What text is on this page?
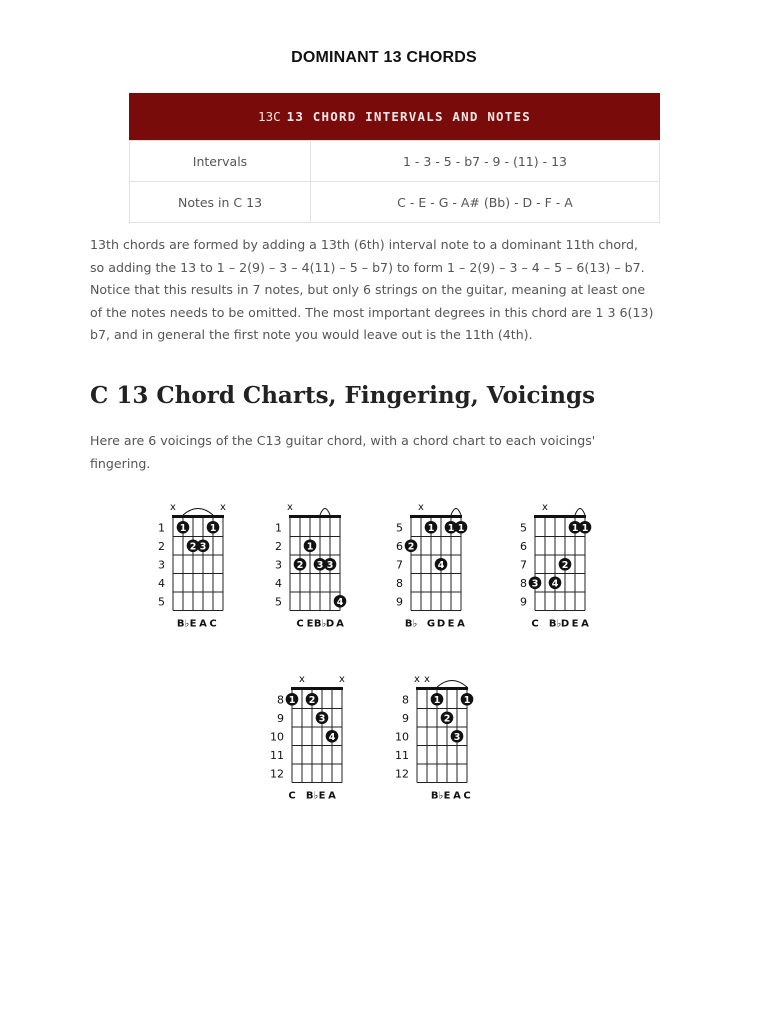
DOMINANT 13 CHORDS
13C 13 CHORD INTERVALS AND NOTES
Intervals	1 - 3 - 5 - b7 - 9 - (11) - 13
Notes in C 13	C - E - G - A# (Bb) - D - F - A
13th chords are formed by adding a 13th (6th) interval note to a dominant 11th chord,
so adding the 13 to 1 – 2(9) – 3 – 4(11) – 5 – b7) to form 1 – 2(9) – 3 – 4 – 5 – 6(13) – b7.
Notice that this results in 7 notes, but only 6 strings on the guitar, meaning at least one
of the notes needs to be omitted. The most important degrees in this chord are 1 3 6(13)
b7, and in general the first note you would leave out is the 11th (4th).
C 13 Chord Charts, Fingering, Voicings
Here are 6 voicings of the C13 guitar chord, with a chord chart to each voicings'
fingering.
1
2
3
4
5
x	x
1 1
2 3
B♭ E A C
1
2
3
4
5
x
1
2 3 3
4
C E B♭ D A
5
6
7
8
9
x
2
1 1 1
4
B♭ G D E A
5
6
7
8
9
x
1 1
2
3 4
C B♭ D E A
8
9
10
11
12
x	x
1 2
3
4
C B♭ E A
8
9
10
11
12
x x
1 1
2
3
B♭ E A C
